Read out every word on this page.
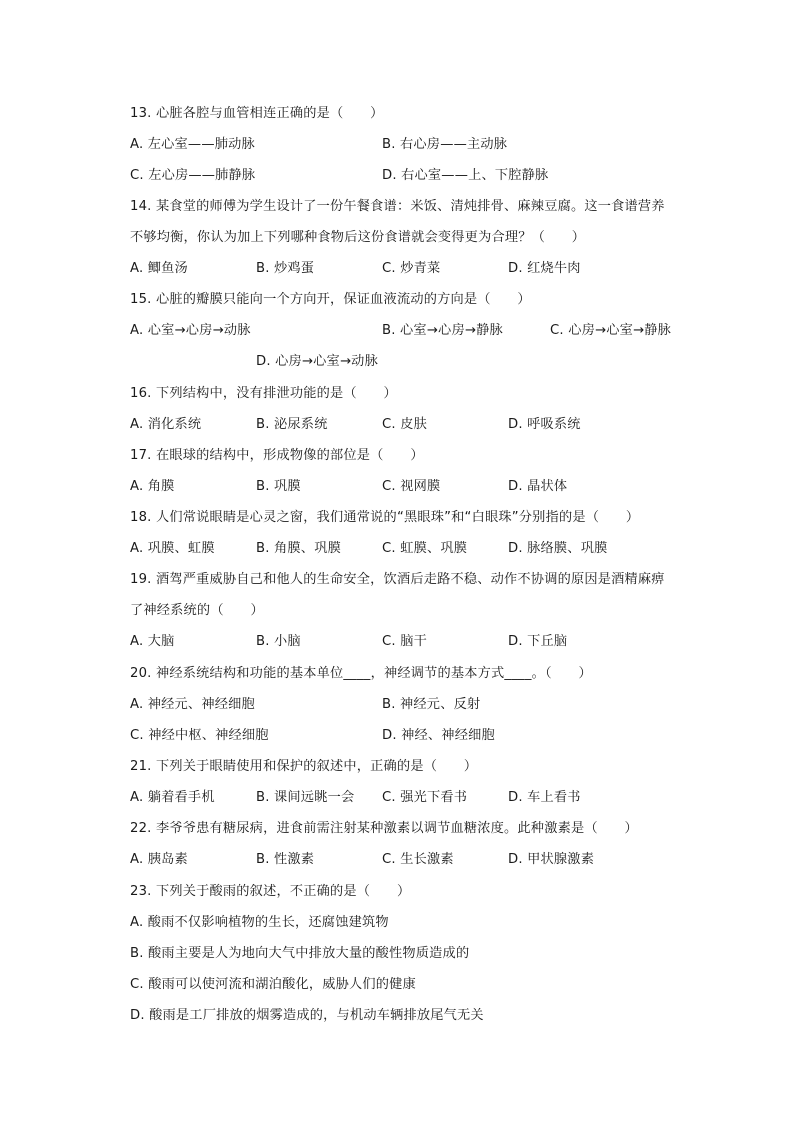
13. 心脏各腔与血管相连正确的是（　　）
A. 左心室——肺动脉	B. 右心房——主动脉
C. 左心房——肺静脉	D. 右心室——上、下腔静脉
14. 某食堂的师傅为学生设计了一份午餐食谱：米饭、清炖排骨、麻辣豆腐。这一食谱营养
不够均衡，你认为加上下列哪种食物后这份食谱就会变得更为合理？（　　）
A. 鲫鱼汤	B. 炒鸡蛋	C. 炒青菜	D. 红烧牛肉
15. 心脏的瓣膜只能向一个方向开，保证血液流动的方向是（　　）
A. 心室→心房→动脉	B. 心室→心房→静脉	C. 心房→心室→静脉
D. 心房→心室→动脉
16. 下列结构中，没有排泄功能的是（　　）
A. 消化系统	B. 泌尿系统	C. 皮肤	D. 呼吸系统
17. 在眼球的结构中，形成物像的部位是（　　）
A. 角膜	B. 巩膜	C. 视网膜	D. 晶状体
18. 人们常说眼睛是心灵之窗，我们通常说的“黑眼珠”和“白眼珠”分别指的是（　　）
A. 巩膜、虹膜	B. 角膜、巩膜	C. 虹膜、巩膜	D. 脉络膜、巩膜
19. 酒驾严重威胁自己和他人的生命安全，饮酒后走路不稳、动作不协调的原因是酒精麻痹
了神经系统的（　　）
A. 大脑	B. 小脑	C. 脑干	D. 下丘脑
20. 神经系统结构和功能的基本单位____，神经调节的基本方式____。（　　）
A. 神经元、神经细胞	B. 神经元、反射
C. 神经中枢、神经细胞	D. 神经、神经细胞
21. 下列关于眼睛使用和保护的叙述中，正确的是（　　）
A. 躺着看手机	B. 课间远眺一会 C. 强光下看书	D. 车上看书
22. 李爷爷患有糖尿病，进食前需注射某种激素以调节血糖浓度。此种激素是（　　）
A. 胰岛素	B. 性激素	C. 生长激素	D. 甲状腺激素
23. 下列关于酸雨的叙述，不正确的是（　　）
A. 酸雨不仅影响植物的生长，还腐蚀建筑物
B. 酸雨主要是人为地向大气中排放大量的酸性物质造成的
C. 酸雨可以使河流和湖泊酸化，威胁人们的健康
D. 酸雨是工厂排放的烟雾造成的，与机动车辆排放尾气无关
